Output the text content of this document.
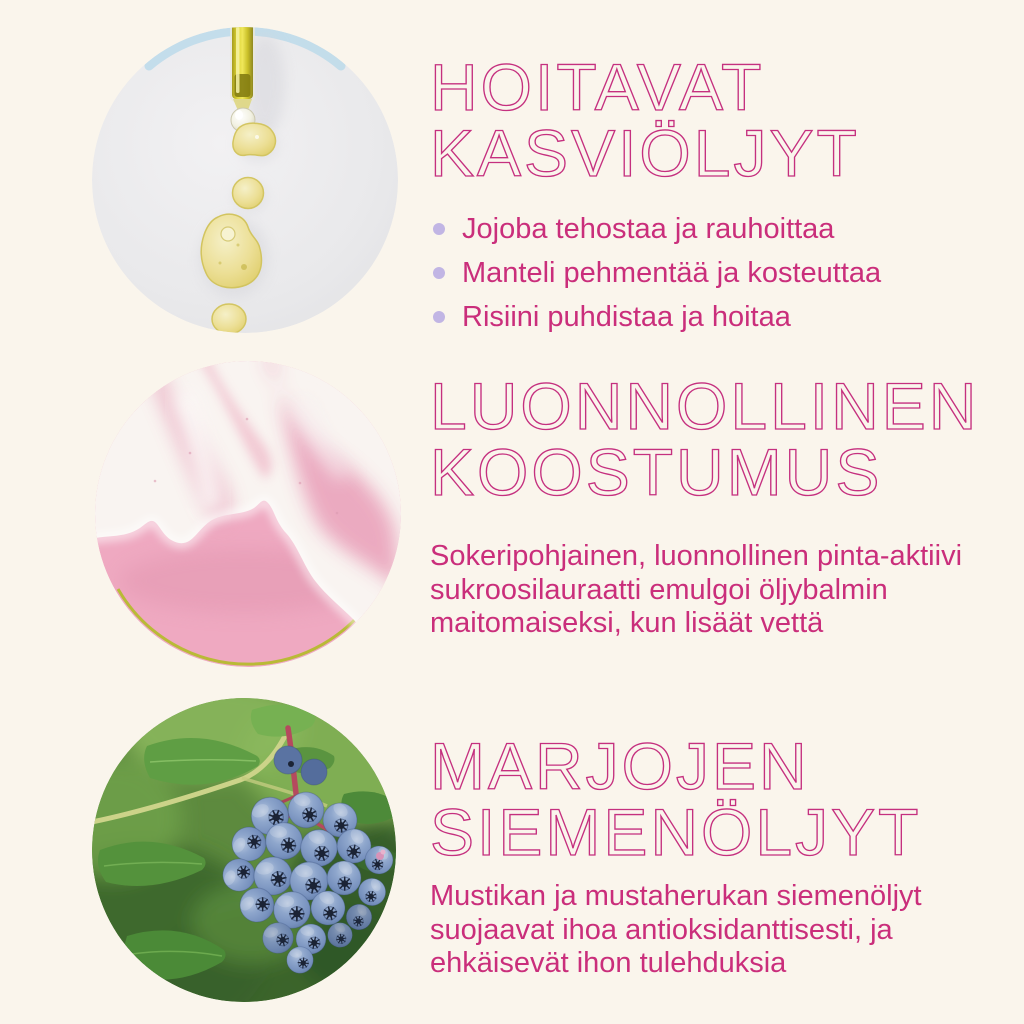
HOITAVAT
KASVIÖLJYT
Jojoba tehostaa ja rauhoittaa
Manteli pehmentää ja kosteuttaa
Risiini puhdistaa ja hoitaa
LUONNOLLINEN
KOOSTUMUS

Sokeripohjainen, luonnollinen pinta-aktiivi sukroosilauraatti emulgoi öljybalmin maitomaiseksi, kun lisäät vettä

MARJOJEN
SIEMENÖLJYT

Mustikan ja mustaherukan siemenöljyt suojaavat ihoa antioksidanttisesti, ja ehkäisevät ihon tulehduksia
